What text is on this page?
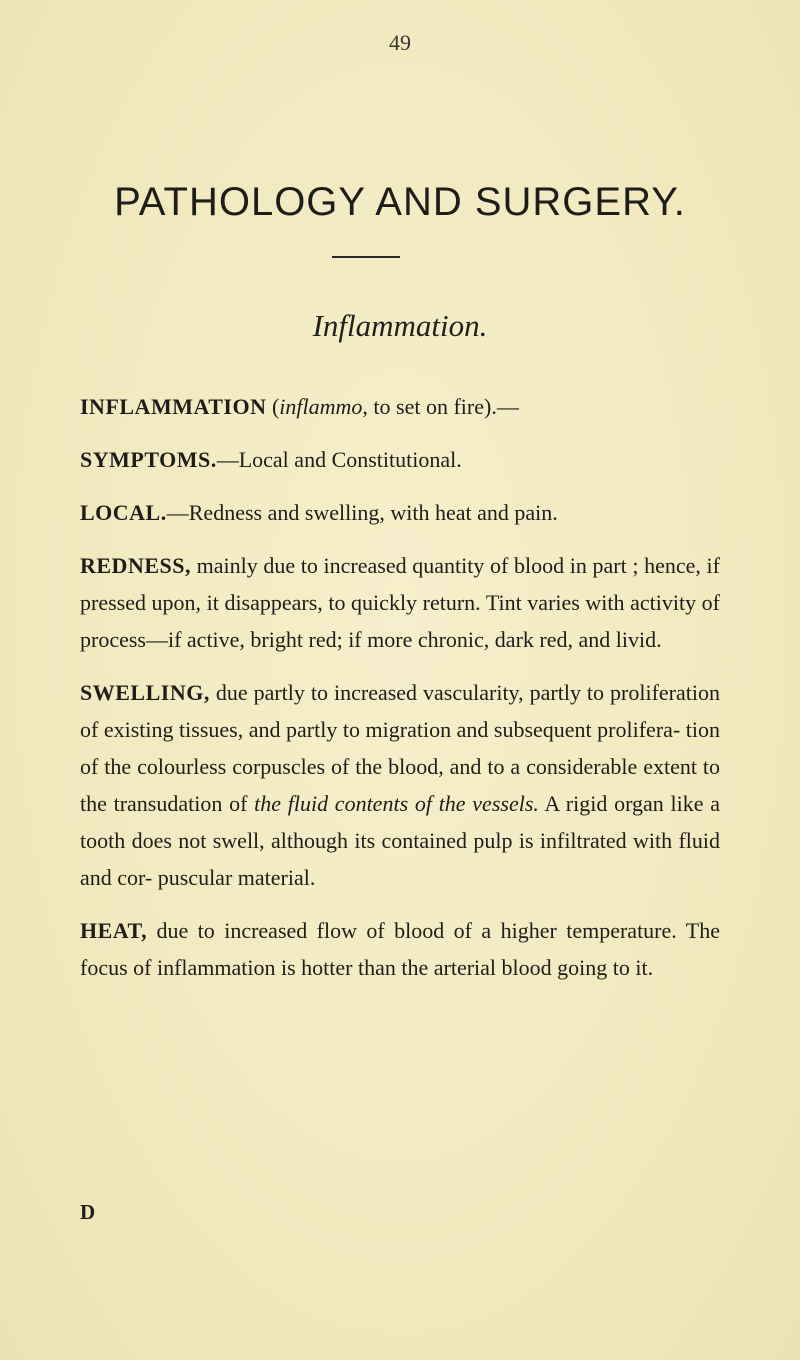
49
PATHOLOGY AND SURGERY.
Inflammation.

INFLAMMATION (inflammo, to set on fire).—

SYMPTOMS.—Local and Constitutional.

LOCAL.—Redness and swelling, with heat and pain.

REDNESS, mainly due to increased quantity of blood in part ; hence, if pressed upon, it disappears, to quickly return. Tint varies with activity of process—if active, bright red; if more chronic, dark red, and livid.

SWELLING, due partly to increased vascularity, partly to proliferation of existing tissues, and partly to migration and subsequent prolifera- tion of the colourless corpuscles of the blood, and to a considerable extent to the transudation of the fluid contents of the vessels. A rigid organ like a tooth does not swell, although its contained pulp is infiltrated with fluid and cor- puscular material.

HEAT, due to increased flow of blood of a higher temperature. The focus of inflammation is hotter than the arterial blood going to it.

D
